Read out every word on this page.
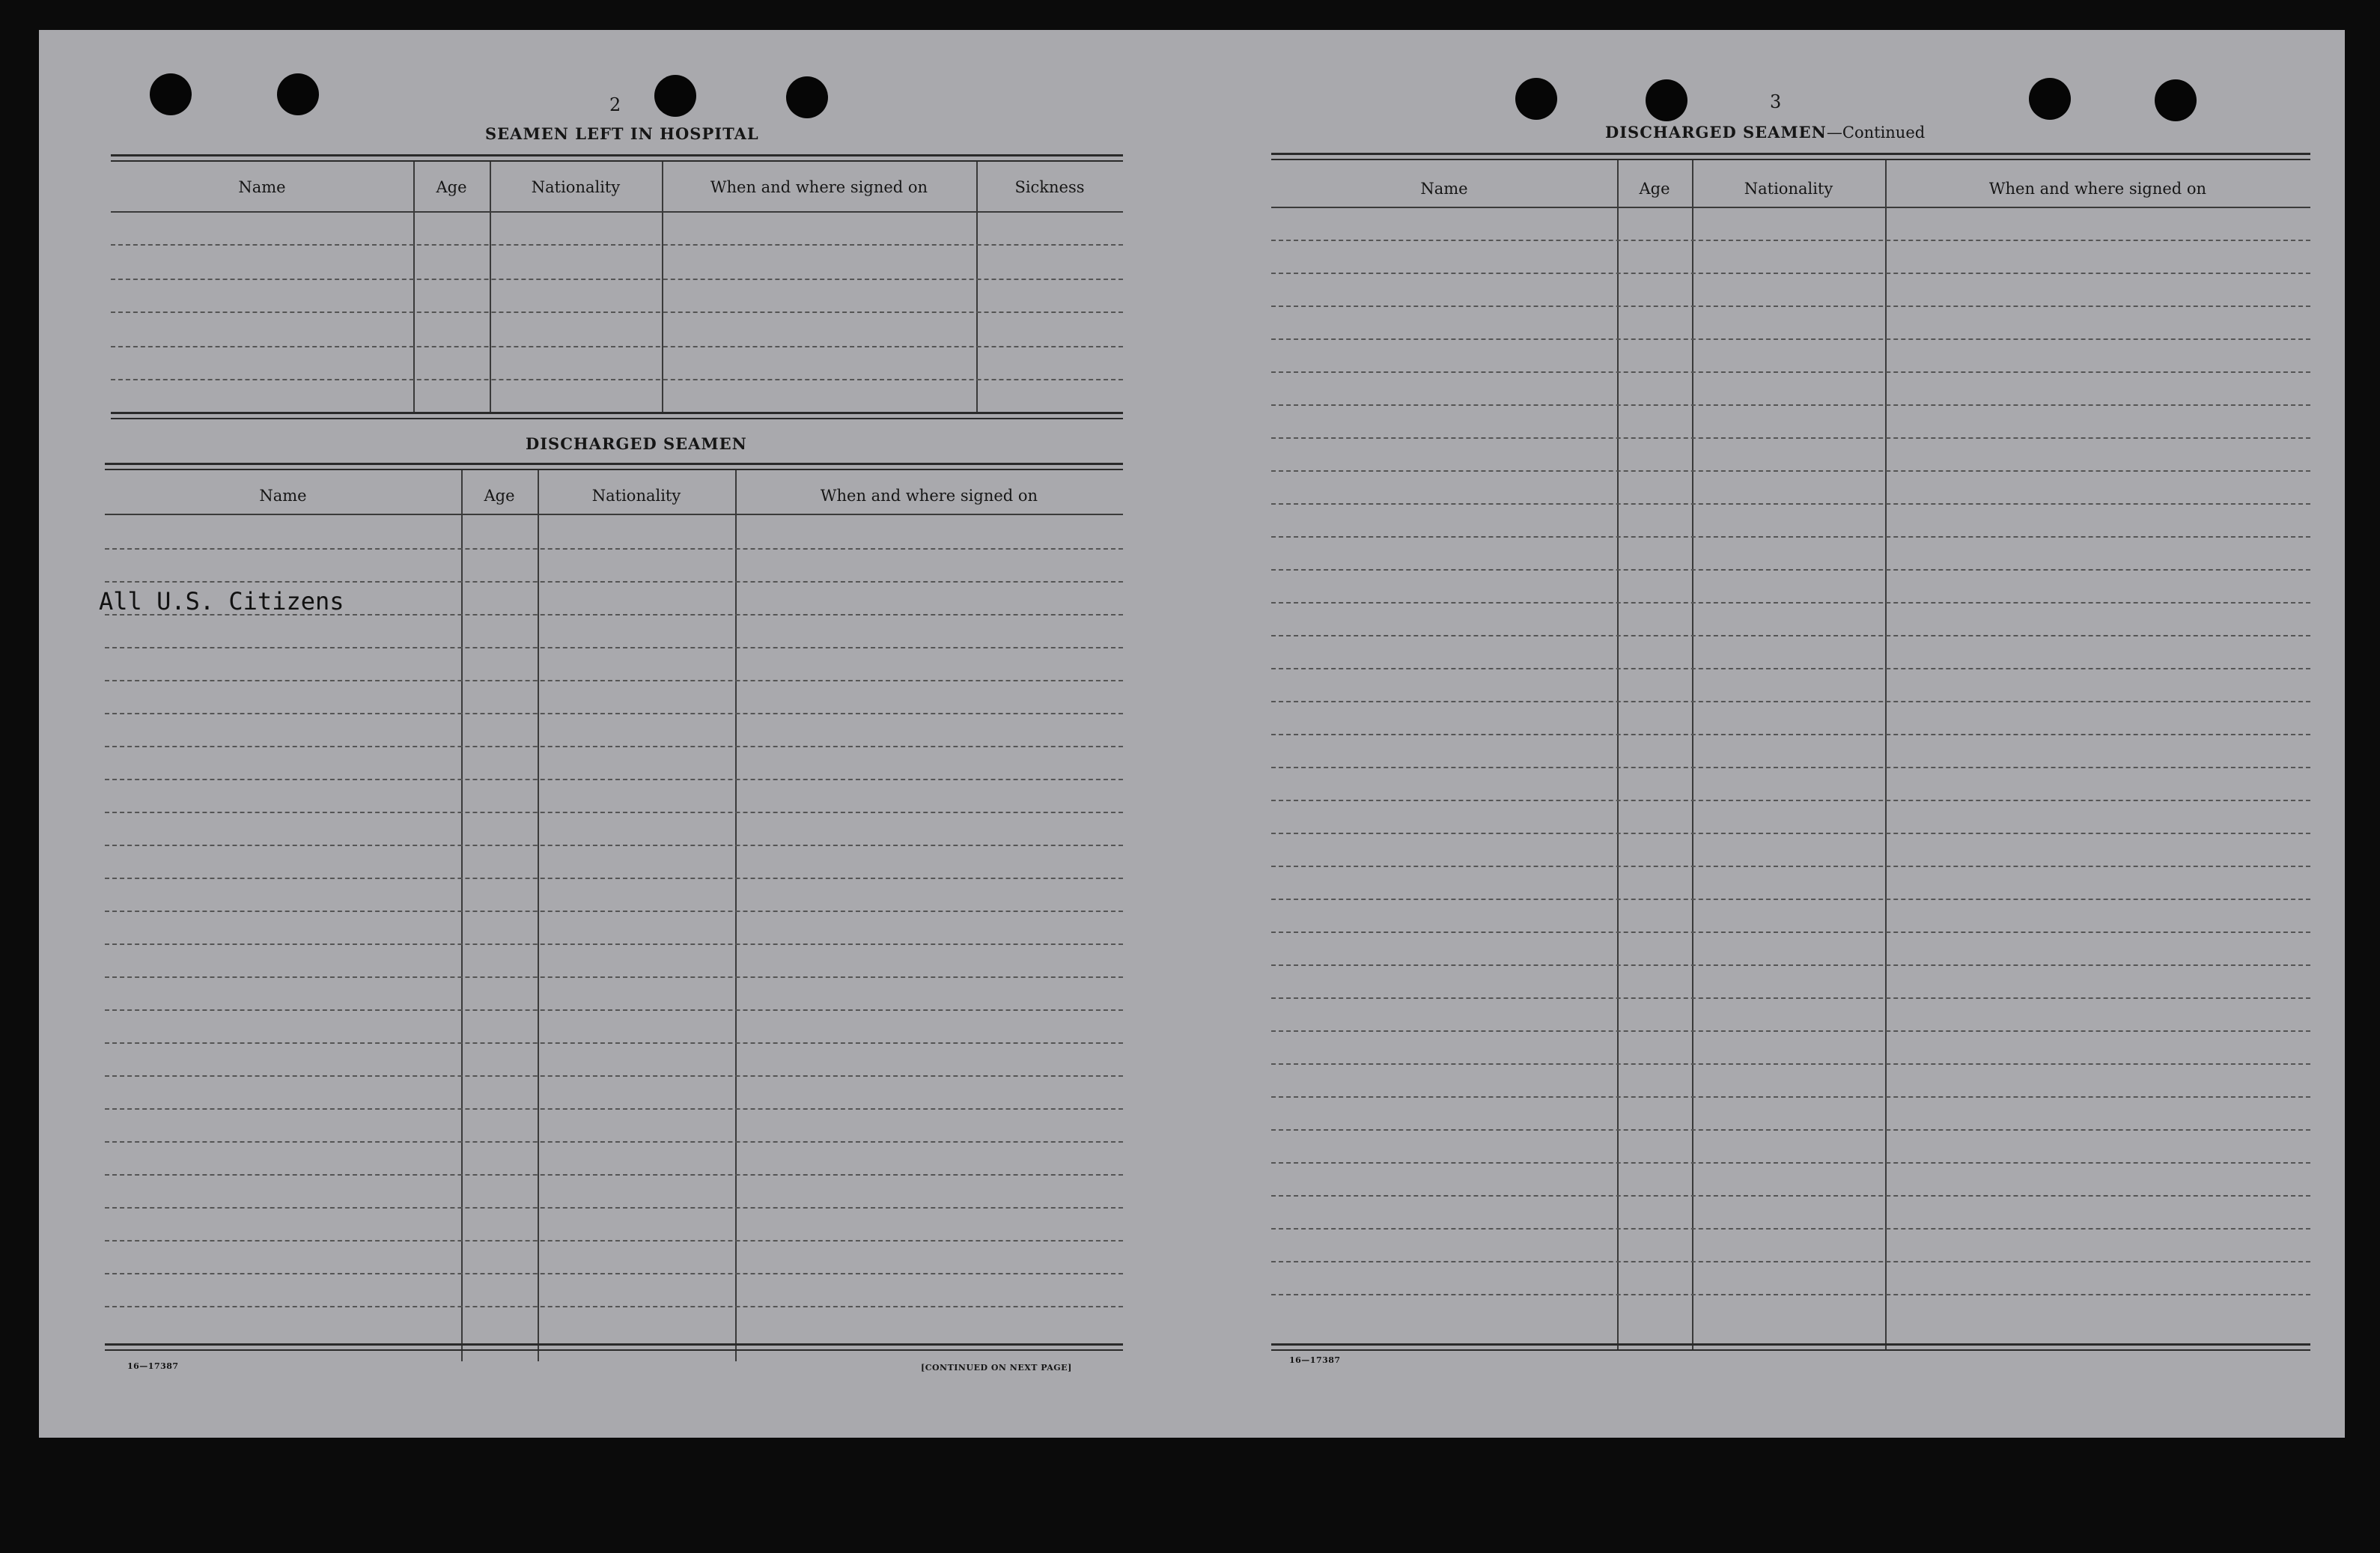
2
SEAMEN LEFT IN HOSPITAL
Name	Age	Nationality	When and where signed on	Sickness
DISCHARGED SEAMEN
Name	Age	Nationality	When and where signed on
All U.S. Citizens
16—17387	[CONTINUED ON NEXT PAGE]
3
DISCHARGED SEAMEN—Continued
Name	Age	Nationality	When and where signed on
16—17387
